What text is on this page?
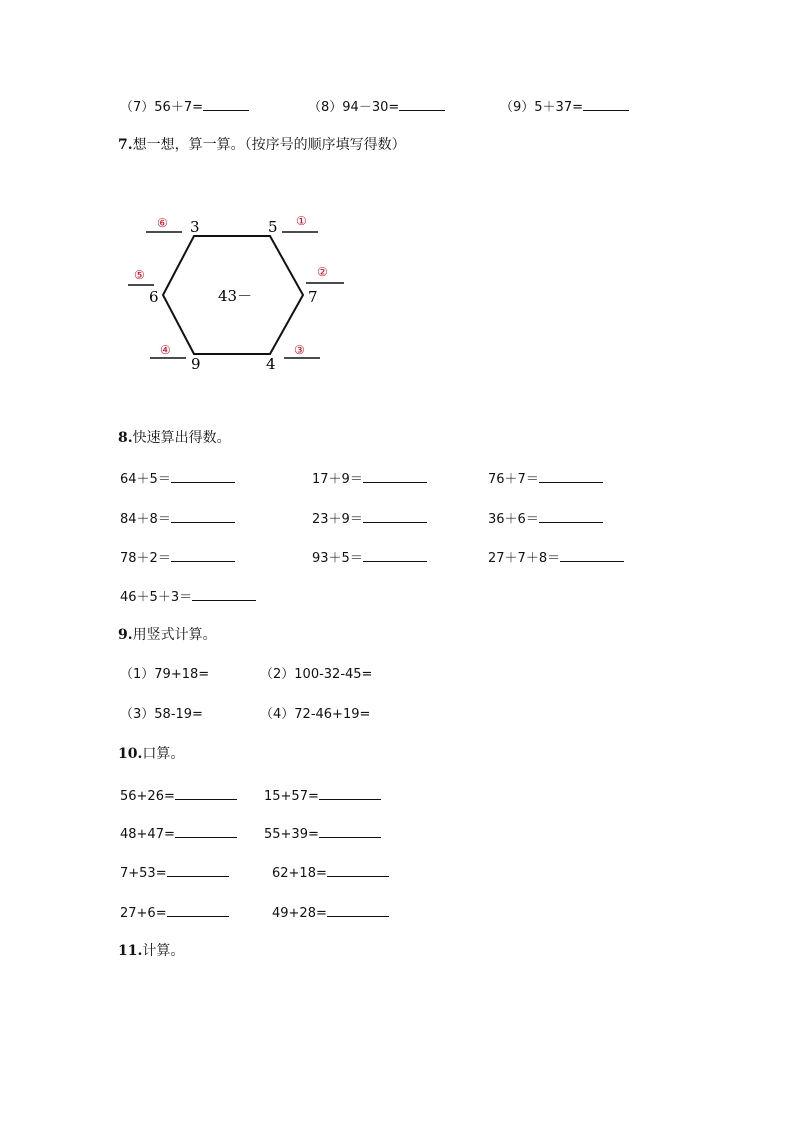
（7）56＋7=	（8）94－30=	（9）5＋37=
7.想一想，算一算。（按序号的顺序填写得数）
43－
3	5
7
4
9
6
⑥	①
②
③
④
⑤
8.快速算出得数。
64＋5＝	17＋9＝	76＋7＝
84＋8＝	23＋9＝	36＋6＝
78＋2＝	93＋5＝	27＋7＋8＝
46＋5＋3＝
9.用竖式计算。
（1）79+18=	（2）100-32-45=
（3）58-19=	（4）72-46+19=
10.口算。
56+26=	15+57=
48+47=	55+39=
7+53=	62+18=
27+6=	49+28=
11.计算。
